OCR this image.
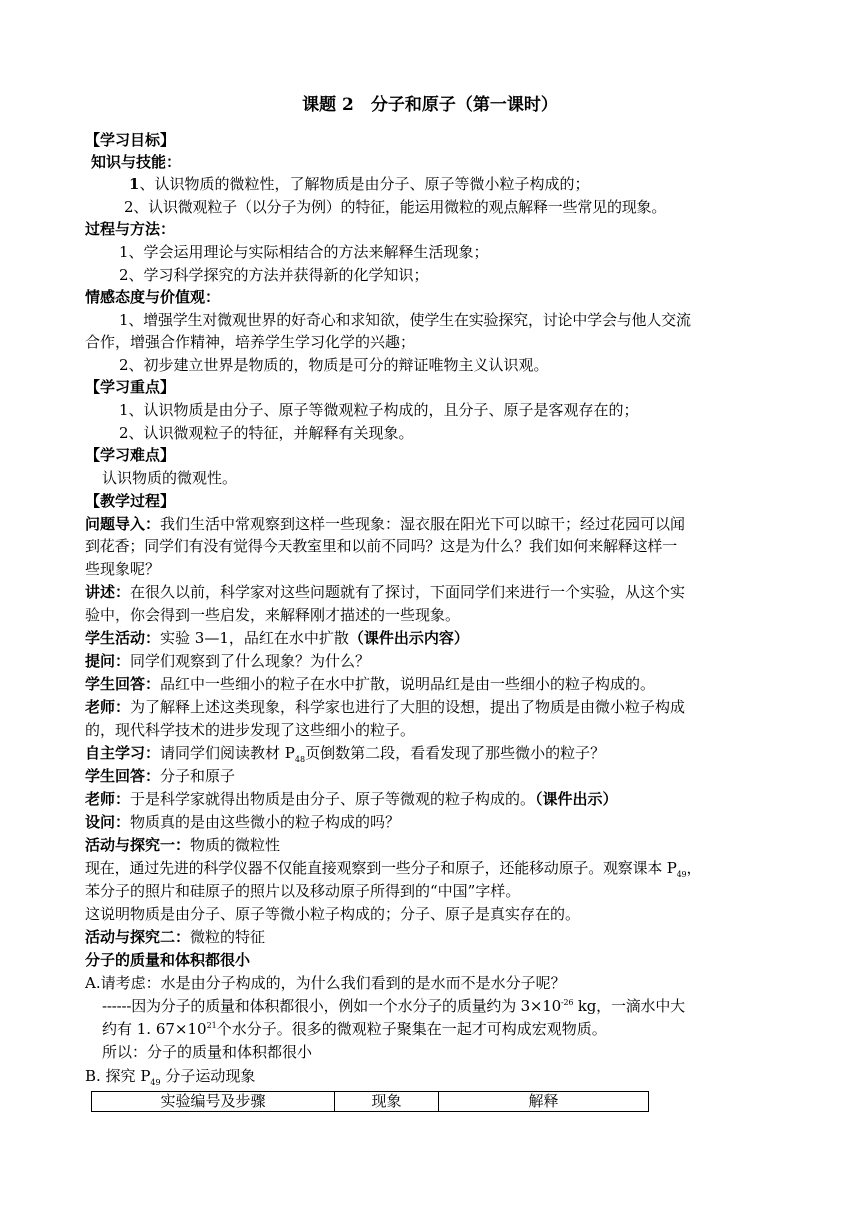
课题 2　分子和原子（第一课时）
【学习目标】
知识与技能：
1、认识物质的微粒性，了解物质是由分子、原子等微小粒子构成的；
2、认识微观粒子（以分子为例）的特征，能运用微粒的观点解释一些常见的现象。
过程与方法：
1、学会运用理论与实际相结合的方法来解释生活现象；
2、学习科学探究的方法并获得新的化学知识；
情感态度与价值观：
1、增强学生对微观世界的好奇心和求知欲，使学生在实验探究，讨论中学会与他人交流
合作，增强合作精神，培养学生学习化学的兴趣；
2、初步建立世界是物质的，物质是可分的辩证唯物主义认识观。
【学习重点】
1、认识物质是由分子、原子等微观粒子构成的，且分子、原子是客观存在的；
2、认识微观粒子的特征，并解释有关现象。
【学习难点】
认识物质的微观性。
【教学过程】
问题导入：我们生活中常观察到这样一些现象：湿衣服在阳光下可以晾干；经过花园可以闻
到花香；同学们有没有觉得今天教室里和以前不同吗？这是为什么？我们如何来解释这样一
些现象呢？
讲述：在很久以前，科学家对这些问题就有了探讨，下面同学们来进行一个实验，从这个实
验中，你会得到一些启发，来解释刚才描述的一些现象。
学生活动：实验 3—1，品红在水中扩散（课件出示内容）
提问：同学们观察到了什么现象？为什么？
学生回答：品红中一些细小的粒子在水中扩散，说明品红是由一些细小的粒子构成的。
老师：为了解释上述这类现象，科学家也进行了大胆的设想，提出了物质是由微小粒子构成
的，现代科学技术的进步发现了这些细小的粒子。
自主学习：请同学们阅读教材 $P_{48}$页倒数第二段，看看发现了那些微小的粒子？
学生回答：分子和原子
老师：于是科学家就得出物质是由分子、原子等微观的粒子构成的。（课件出示）
设问：物质真的是由这些微小的粒子构成的吗？
活动与探究一：物质的微粒性
现在，通过先进的科学仪器不仅能直接观察到一些分子和原子，还能移动原子。观察课本 $P_{49}$，
苯分子的照片和硅原子的照片以及移动原子所得到的“中国”字样。
这说明物质是由分子、原子等微小粒子构成的；分子、原子是真实存在的。
活动与探究二：微粒的特征
分子的质量和体积都很小
A.请考虑：水是由分子构成的，为什么我们看到的是水而不是水分子呢？
------因为分子的质量和体积都很小，例如一个水分子的质量约为 $3\times 10^{-26}$ kg，一滴水中大
约有 1. $67\times 10^{21}$个水分子。很多的微观粒子聚集在一起才可构成宏观物质。
所以：分子的质量和体积都很小
B. 探究 $P_{49}$ 分子运动现象
实验编号及步骤	现象	解释
